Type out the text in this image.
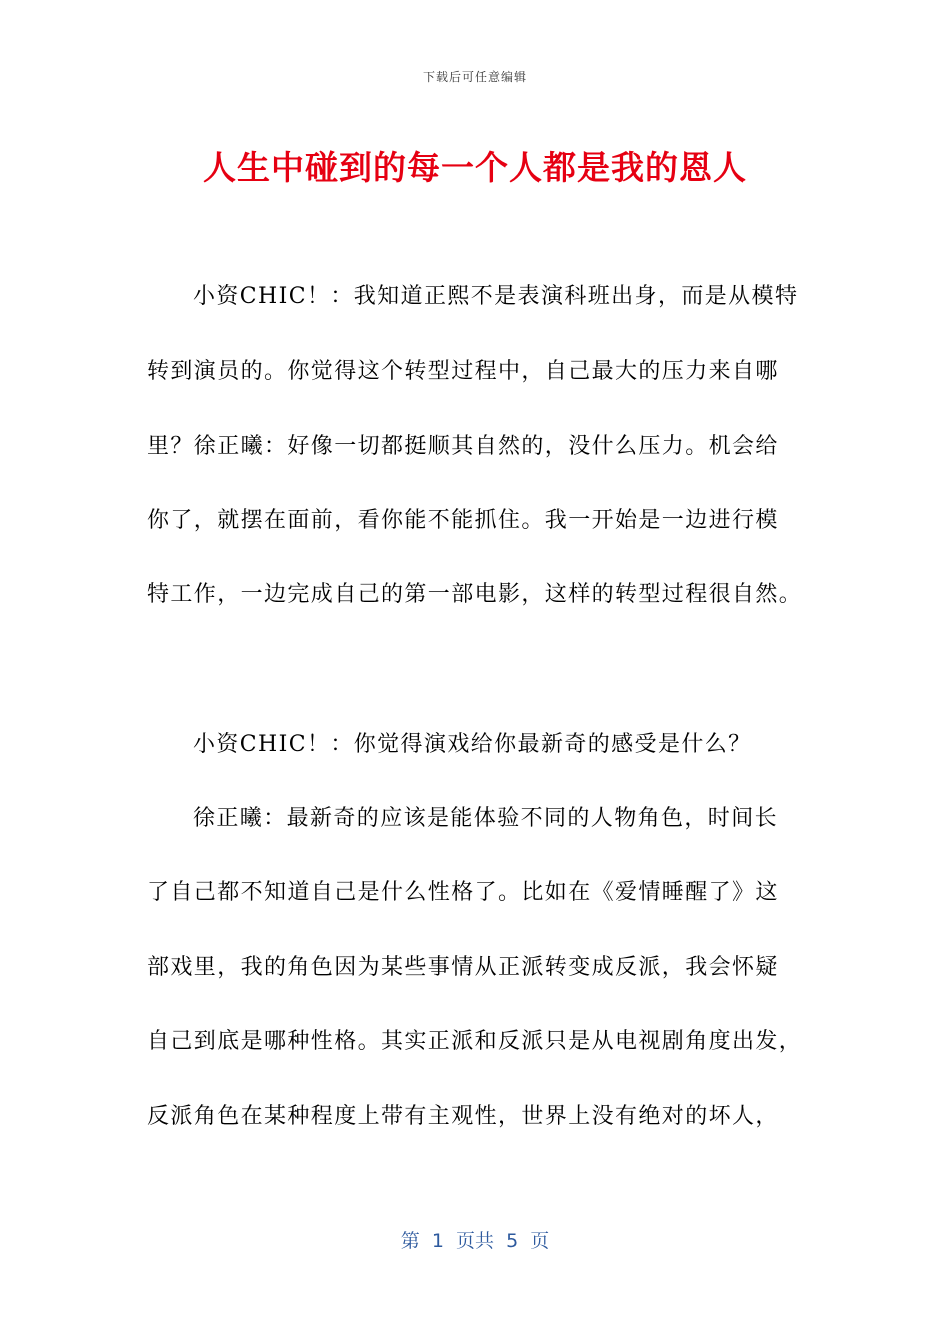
下载后可任意编辑
人生中碰到的每一个人都是我的恩人
小资CHIC！：我知道正熙不是表演科班出身，而是从模特
转到演员的。你觉得这个转型过程中，自己最大的压力来自哪
里？徐正曦：好像一切都挺顺其自然的，没什么压力。机会给
你了，就摆在面前，看你能不能抓住。我一开始是一边进行模
特工作，一边完成自己的第一部电影，这样的转型过程很自然。
小资CHIC！：你觉得演戏给你最新奇的感受是什么？
徐正曦：最新奇的应该是能体验不同的人物角色，时间长
了自己都不知道自己是什么性格了。比如在《爱情睡醒了》这
部戏里，我的角色因为某些事情从正派转变成反派，我会怀疑
自己到底是哪种性格。其实正派和反派只是从电视剧角度出发，
反派角色在某种程度上带有主观性，世界上没有绝对的坏人，
第  1  页共  5  页
